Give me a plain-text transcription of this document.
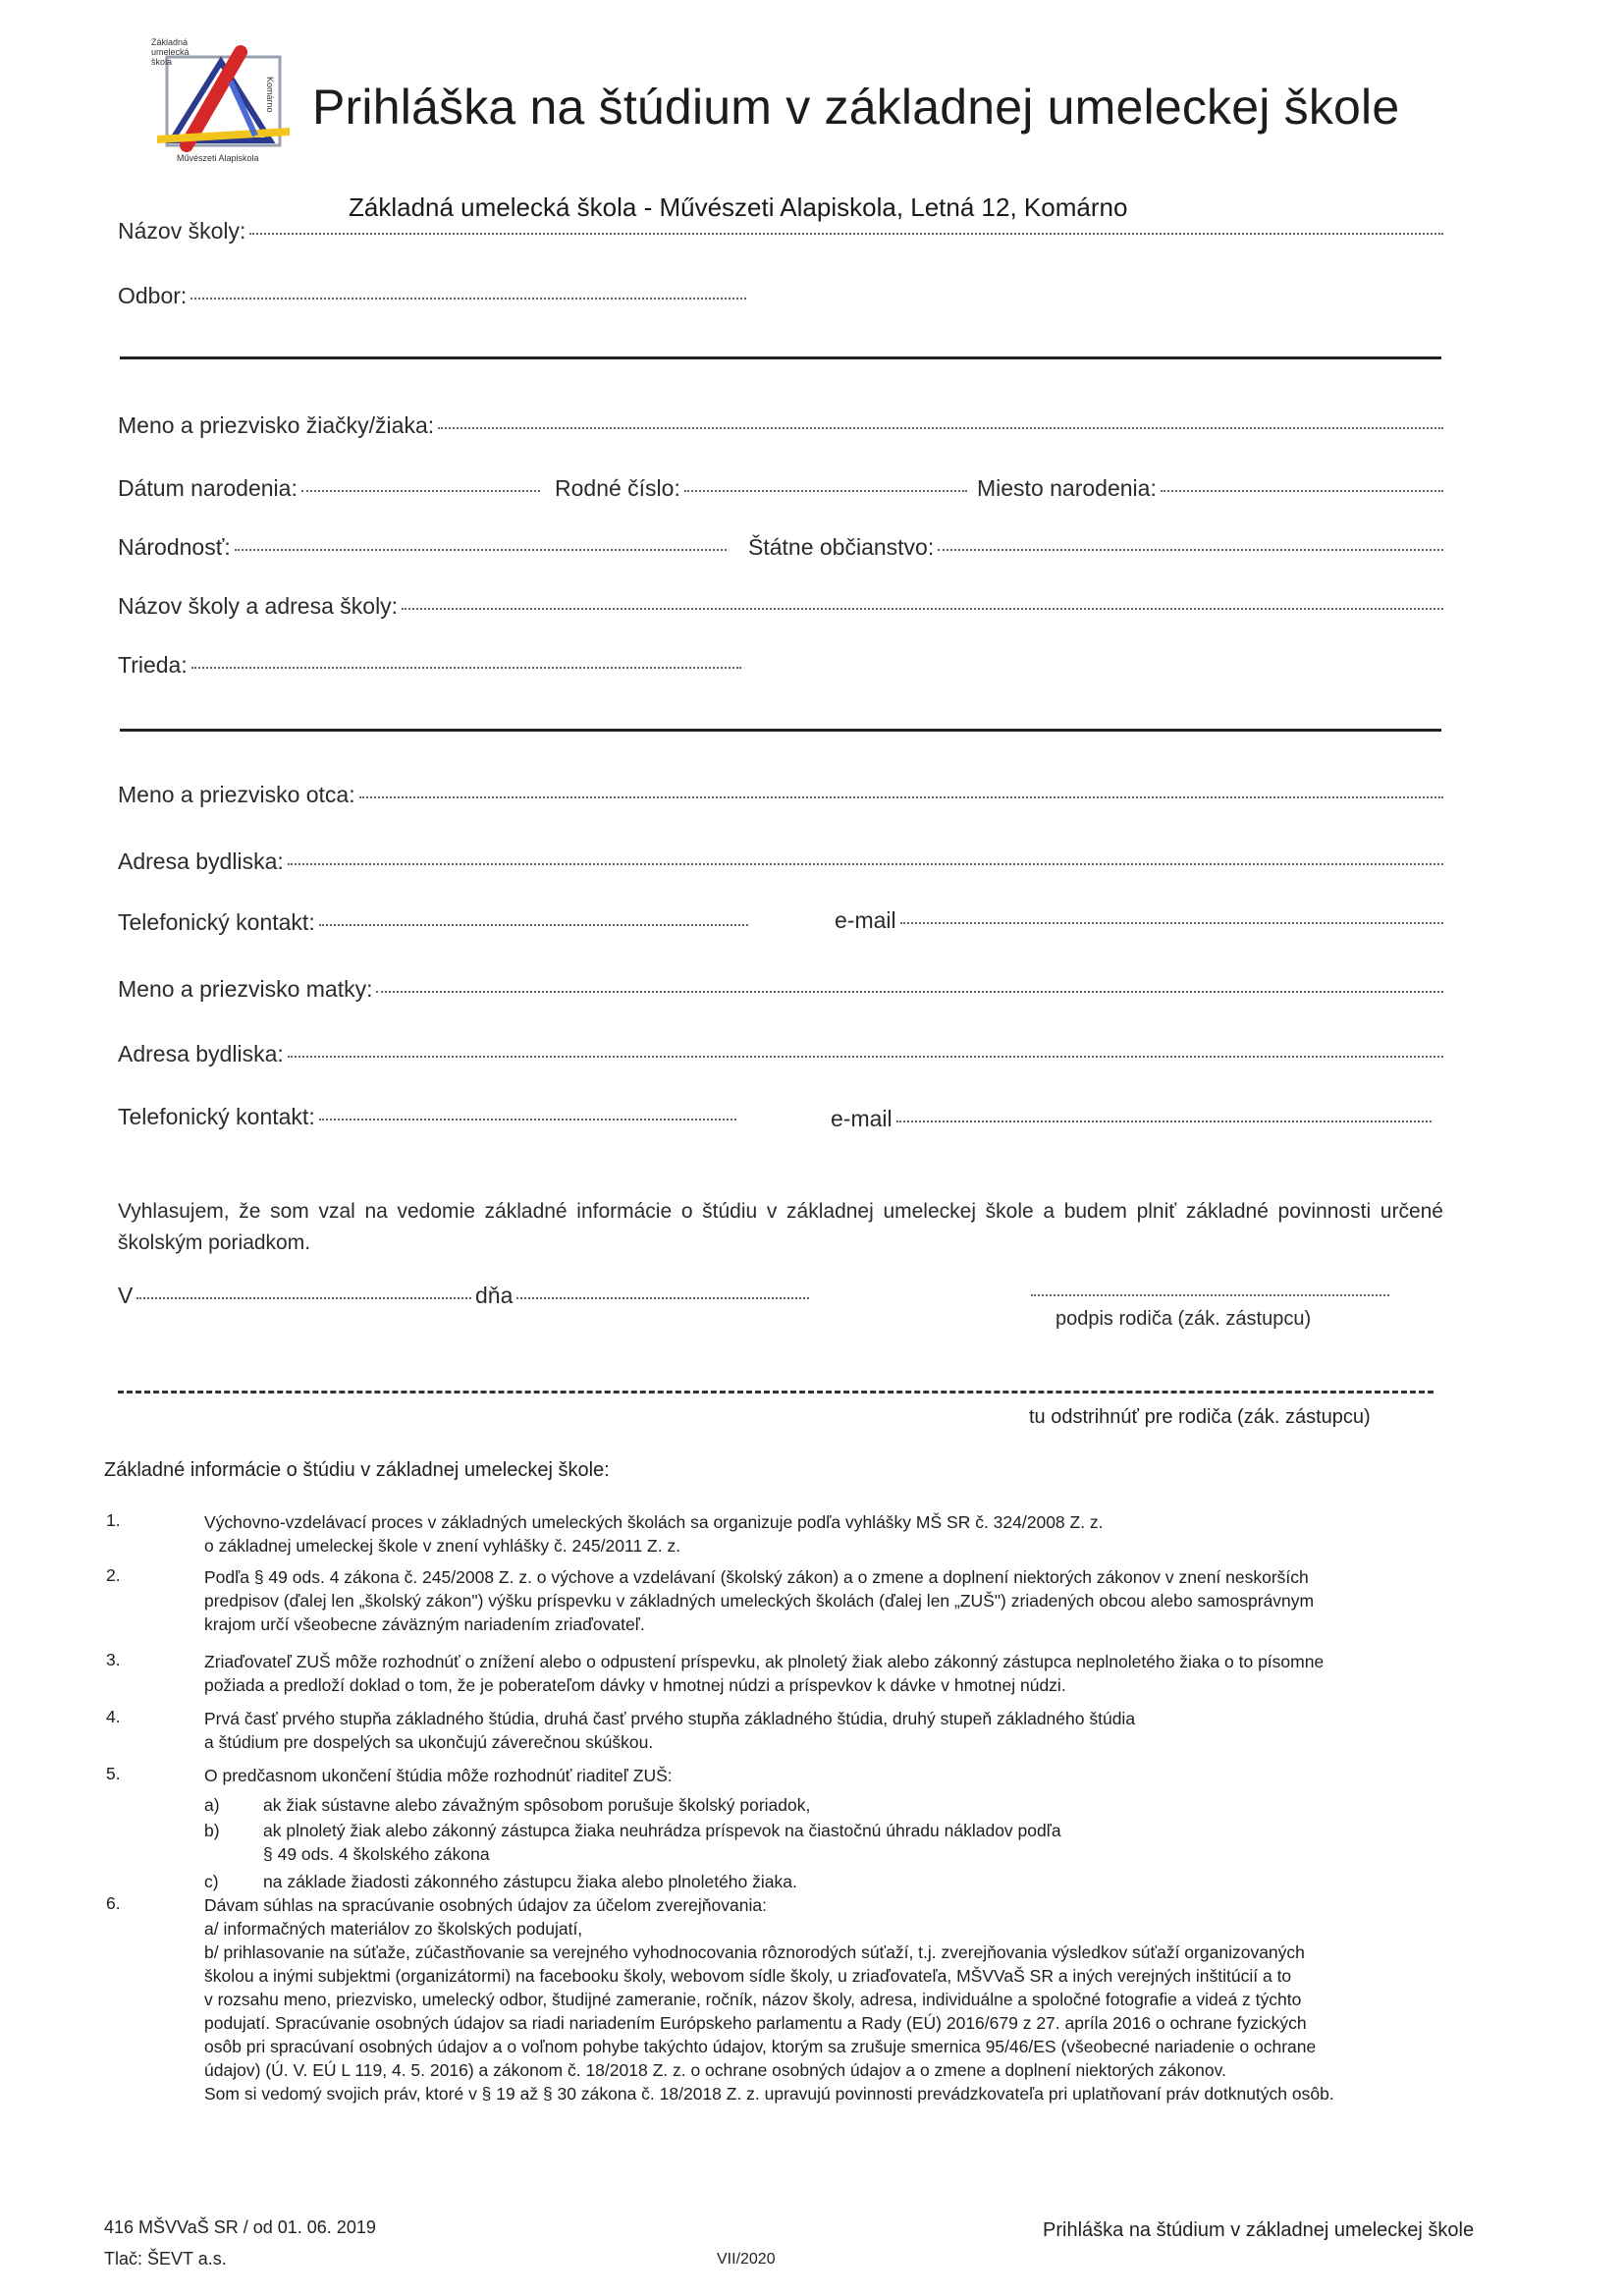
Základná umelecká škola
Komárno
Művészeti Alapiskola
Prihláška na štúdium v základnej umeleckej škole
Základná umelecká škola - Művészeti Alapiskola, Letná 12, Komárno
Názov školy:
Odbor:
Meno a priezvisko žiačky/žiaka:
Dátum narodenia:	Rodné číslo:	Miesto narodenia:
Národnosť:	Štátne občianstvo:
Názov školy a adresa školy:
Trieda:
Meno a priezvisko otca:
Adresa bydliska:
Telefonický kontakt:	e-mail
Meno a priezvisko matky:
Adresa bydliska:
Telefonický kontakt:	e-mail
Vyhlasujem, že som vzal na vedomie základné informácie o štúdiu v základnej umeleckej škole a budem plniť základné povinnosti určené školským poriadkom.
V	dňa
podpis rodiča (zák. zástupcu)
tu odstrihnúť pre rodiča (zák. zástupcu)
Základné informácie o štúdiu v základnej umeleckej škole:
1.	Výchovno-vzdelávací proces v základných umeleckých školách sa organizuje podľa vyhlášky MŠ SR č. 324/2008 Z. z.
o základnej umeleckej škole v znení vyhlášky č. 245/2011 Z. z.
2.	Podľa § 49 ods. 4 zákona č. 245/2008 Z. z. o výchove a vzdelávaní (školský zákon) a o zmene a doplnení niektorých zákonov v znení neskorších
predpisov (ďalej len „školský zákon") výšku príspevku v základných umeleckých školách (ďalej len „ZUŠ") zriadených obcou alebo samosprávnym
krajom určí všeobecne záväzným nariadením zriaďovateľ.
3.	Zriaďovateľ ZUŠ môže rozhodnúť o znížení alebo o odpustení príspevku, ak plnoletý žiak alebo zákonný zástupca neplnoletého žiaka o to písomne
požiada a predloží doklad o tom, že je poberateľom dávky v hmotnej núdzi a príspevkov k dávke v hmotnej núdzi.
4.	Prvá časť prvého stupňa základného štúdia, druhá časť prvého stupňa základného štúdia, druhý stupeň základného štúdia
a štúdium pre dospelých sa ukončujú záverečnou skúškou.
5.	O predčasnom ukončení štúdia môže rozhodnúť riaditeľ ZUŠ:
a)	ak žiak sústavne alebo závažným spôsobom porušuje školský poriadok,
b)	ak plnoletý žiak alebo zákonný zástupca žiaka neuhrádza príspevok na čiastočnú úhradu nákladov podľa
§ 49 ods. 4 školského zákona
c)	na základe žiadosti zákonného zástupcu žiaka alebo plnoletého žiaka.
6.	Dávam súhlas na spracúvanie osobných údajov za účelom zverejňovania:
a/ informačných materiálov zo školských podujatí,
b/ prihlasovanie na súťaže, zúčastňovanie sa verejného vyhodnocovania rôznorodých súťaží, t.j. zverejňovania výsledkov súťaží organizovaných
školou a inými subjektmi (organizátormi) na facebooku školy, webovom sídle školy, u zriaďovateľa, MŠVVaŠ SR a iných verejných inštitúcií a to
v rozsahu meno, priezvisko, umelecký odbor, študijné zameranie, ročník, názov školy, adresa, individuálne a spoločné fotografie a videá z týchto
podujatí. Spracúvanie osobných údajov sa riadi nariadením Európskeho parlamentu a Rady (EÚ) 2016/679 z 27. apríla 2016 o ochrane fyzických
osôb pri spracúvaní osobných údajov a o voľnom pohybe takýchto údajov, ktorým sa zrušuje smernica 95/46/ES (všeobecné nariadenie o ochrane
údajov) (Ú. V. EÚ L 119, 4. 5. 2016) a zákonom č. 18/2018 Z. z. o ochrane osobných údajov a o zmene a doplnení niektorých zákonov.
Som si vedomý svojich práv, ktoré v § 19 až § 30 zákona č. 18/2018 Z. z. upravujú povinnosti prevádzkovateľa pri uplatňovaní práv dotknutých osôb.
416 MŠVVaŠ SR / od 01. 06. 2019
Tlač: ŠEVT a.s.	VII/2020
Prihláška na štúdium v základnej umeleckej škole
